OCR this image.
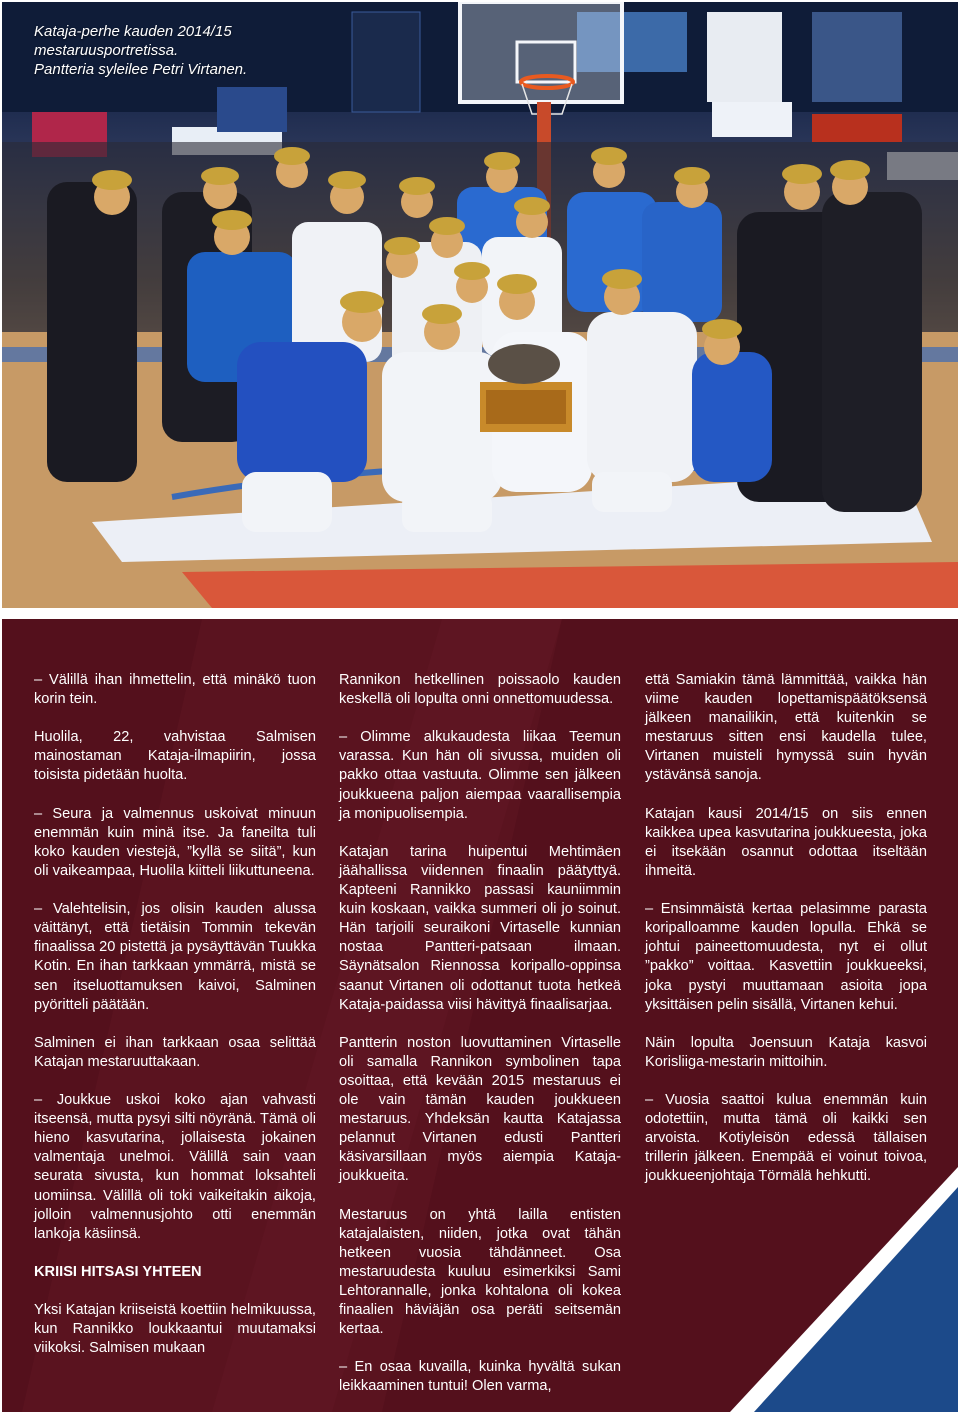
Kataja-perhe kauden 2014/15
mestaruusportretissa.
Pantteria syleilee Petri Virtanen.

– Välillä ihan ihmettelin, että minäkö tuon korin tein.

Huolila, 22, vahvistaa Salmisen mainostaman Kataja-ilmapiirin, jossa toisista pidetään huolta.

– Seura ja valmennus uskoivat minuun enemmän kuin minä itse. Ja faneilta tuli koko kauden viestejä, ”kyllä se siitä”, kun oli vaikeampaa, Huolila kiitteli liikuttuneena.

– Valehtelisin, jos olisin kauden alussa väittänyt, että tietäisin Tommin tekevän finaalissa 20 pistettä ja pysäyttävän Tuukka Kotin. En ihan tarkkaan ymmärrä, mistä se sen itseluottamuksen kaivoi, Salminen pyöritteli päätään.

Salminen ei ihan tarkkaan osaa selittää Katajan mestaruuttakaan.

– Joukkue uskoi koko ajan vahvasti itseensä, mutta pysyi silti nöyränä. Tämä oli hieno kasvutarina, jollaisesta jokainen valmentaja unelmoi. Välillä sain vaan seurata sivusta, kun hommat loksahteli uomiinsa. Välillä oli toki vaikeitakin aikoja, jolloin valmennusjohto otti enemmän lankoja käsiinsä.

KRIISI HITSASI YHTEEN

Yksi Katajan kriiseistä koettiin helmikuussa, kun Rannikko loukkaantui muutamaksi viikoksi. Salmisen mukaan

Rannikon hetkellinen poissaolo kauden keskellä oli lopulta onni onnettomuudessa.

– Olimme alkukaudesta liikaa Teemun varassa. Kun hän oli sivussa, muiden oli pakko ottaa vastuuta. Olimme sen jälkeen joukkueena paljon aiempaa vaarallisempia ja monipuolisempia.

Katajan tarina huipentui Mehtimäen jäähallissa viidennen finaalin päätyttyä. Kapteeni Rannikko passasi kauniimmin kuin koskaan, vaikka summeri oli jo soinut. Hän tarjoili seuraikoni Virtaselle kunnian nostaa Pantteri-patsaan ilmaan. Säynätsalon Riennossa koripallo-oppinsa saanut Virtanen oli odottanut tuota hetkeä Kataja-paidassa viisi hävittyä finaalisarjaa.

Pantterin noston luovuttaminen Virtaselle oli samalla Rannikon symbolinen tapa osoittaa, että kevään 2015 mestaruus ei ole vain tämän kauden joukkueen mestaruus. Yhdeksän kautta Katajassa pelannut Virtanen edusti Pantteri käsivarsillaan myös aiempia Kataja-joukkueita.

Mestaruus on yhtä lailla entisten katajalaisten, niiden, jotka ovat tähän hetkeen vuosia tähdänneet. Osa mestaruudesta kuuluu esimerkiksi Sami Lehtorannalle, jonka kohtalona oli kokea finaalien häviäjän osa peräti seitsemän kertaa.

– En osaa kuvailla, kuinka hyvältä sukan leikkaaminen tuntui! Olen varma,

että Samiakin tämä lämmittää, vaikka hän viime kauden lopettamispäätöksensä jälkeen manailikin, että kuitenkin se mestaruus sitten ensi kaudella tulee, Virtanen muisteli hymyssä suin hyvän ystävänsä sanoja.

Katajan kausi 2014/15 on siis ennen kaikkea upea kasvutarina joukkueesta, joka ei itsekään osannut odottaa itseltään ihmeitä.

– Ensimmäistä kertaa pelasimme parasta koripalloamme kauden lopulla. Ehkä se johtui paineettomuudesta, nyt ei ollut ”pakko” voittaa. Kasvettiin joukkueeksi, joka pystyi muuttamaan asioita jopa yksittäisen pelin sisällä, Virtanen kehui.

Näin lopulta Joensuun Kataja kasvoi Korisliiga-mestarin mittoihin.

– Vuosia saattoi kulua enemmän kuin odotettiin, mutta tämä oli kaikki sen arvoista. Kotiyleisön edessä tällaisen trillerin jälkeen. Enempää ei voinut toivoa, joukkueenjohtaja Törmälä hehkutti.
